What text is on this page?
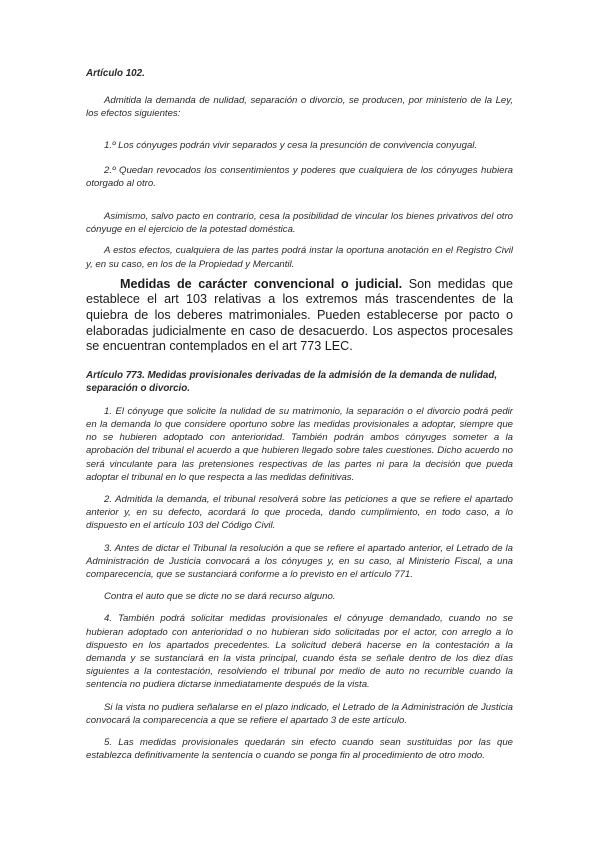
Artículo 102.

Admitida la demanda de nulidad, separación o divorcio, se producen, por ministerio de la Ley, los efectos siguientes:

1.º Los cónyuges podrán vivir separados y cesa la presunción de convivencia conyugal.

2.º Quedan revocados los consentimientos y poderes que cualquiera de los cónyuges hubiera otorgado al otro.

Asimismo, salvo pacto en contrario, cesa la posibilidad de vincular los bienes privativos del otro cónyuge en el ejercicio de la potestad doméstica.

A estos efectos, cualquiera de las partes podrá instar la oportuna anotación en el Registro Civil y, en su caso, en los de la Propiedad y Mercantil.

Medidas de carácter convencional o judicial. Son medidas que establece el art 103 relativas a los extremos más trascendentes de la quiebra de los deberes matrimoniales. Pueden establecerse por pacto o elaboradas judicialmente en caso de desacuerdo. Los aspectos procesales se encuentran contemplados en el art 773 LEC.

Artículo 773. Medidas provisionales derivadas de la admisión de la demanda de nulidad, separación o divorcio.

1. El cónyuge que solicite la nulidad de su matrimonio, la separación o el divorcio podrá pedir en la demanda lo que considere oportuno sobre las medidas provisionales a adoptar, siempre que no se hubieren adoptado con anterioridad. También podrán ambos cónyuges someter a la aprobación del tribunal el acuerdo a que hubieren llegado sobre tales cuestiones. Dicho acuerdo no será vinculante para las pretensiones respectivas de las partes ni para la decisión que pueda adoptar el tribunal en lo que respecta a las medidas definitivas.

2. Admitida la demanda, el tribunal resolverá sobre las peticiones a que se refiere el apartado anterior y, en su defecto, acordará lo que proceda, dando cumplimiento, en todo caso, a lo dispuesto en el artículo 103 del Código Civil.

3. Antes de dictar el Tribunal la resolución a que se refiere el apartado anterior, el Letrado de la Administración de Justicia convocará a los cónyuges y, en su caso, al Ministerio Fiscal, a una comparecencia, que se sustanciará conforme a lo previsto en el artículo 771.

Contra el auto que se dicte no se dará recurso alguno.

4. También podrá solicitar medidas provisionales el cónyuge demandado, cuando no se hubieran adoptado con anterioridad o no hubieran sido solicitadas por el actor, con arreglo a lo dispuesto en los apartados precedentes. La solicitud deberá hacerse en la contestación a la demanda y se sustanciará en la vista principal, cuando ésta se señale dentro de los diez días siguientes a la contestación, resolviendo el tribunal por medio de auto no recurrible cuando la sentencia no pudiera dictarse inmediatamente después de la vista.

Si la vista no pudiera señalarse en el plazo indicado, el Letrado de la Administración de Justicia convocará la comparecencia a que se refiere el apartado 3 de este artículo.

5. Las medidas provisionales quedarán sin efecto cuando sean sustituidas por las que establezca definitivamente la sentencia o cuando se ponga fin al procedimiento de otro modo.
